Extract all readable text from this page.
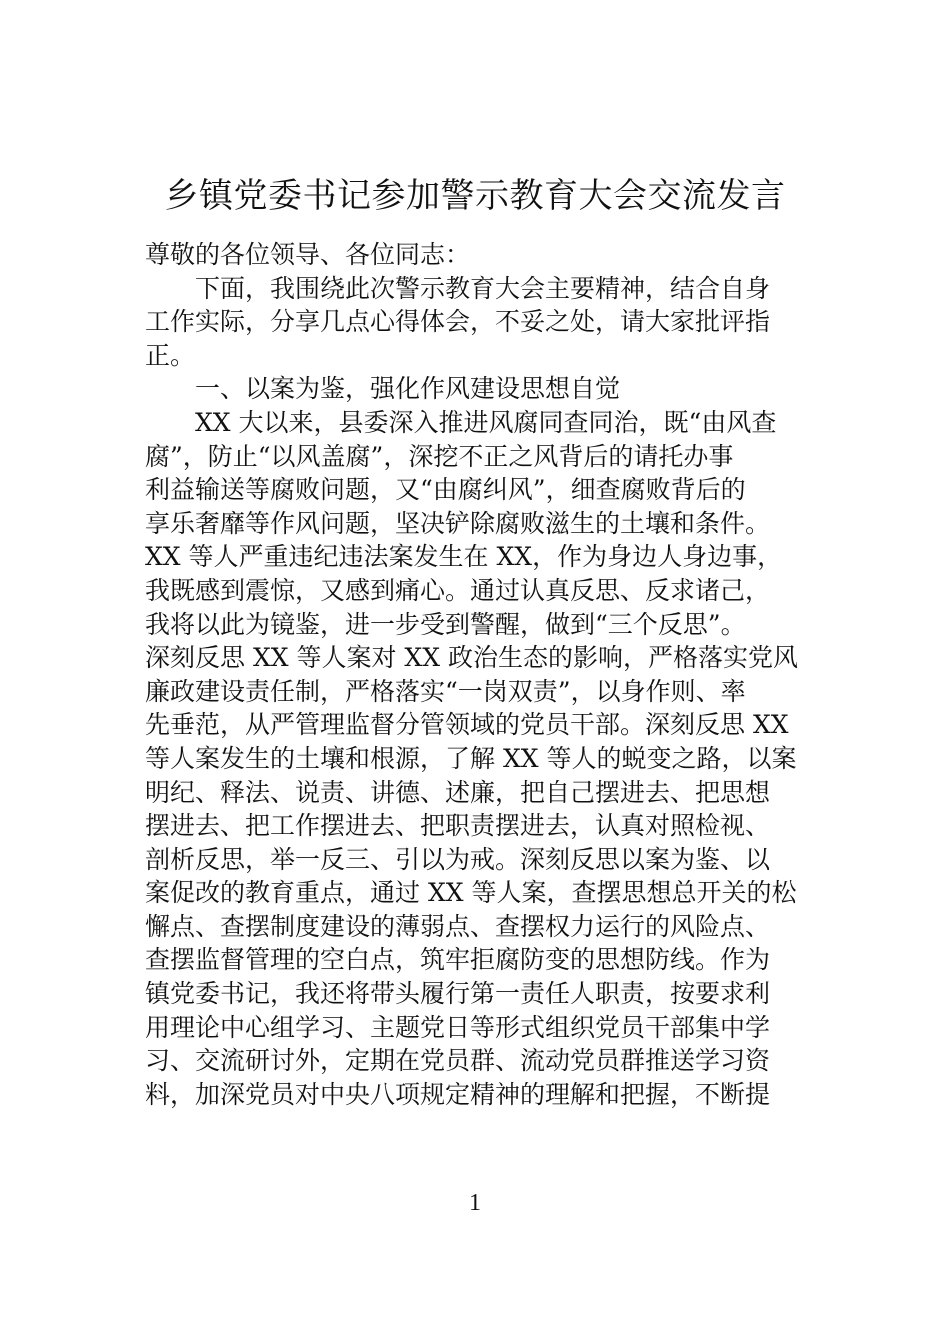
乡镇党委书记参加警示教育大会交流发言
尊敬的各位领导、各位同志：
下面，我围绕此次警示教育大会主要精神，结合自身
工作实际，分享几点心得体会，不妥之处，请大家批评指
正。
一、以案为鉴，强化作风建设思想自觉
XX 大以来，县委深入推进风腐同查同治，既“由风查
腐”，防止“以风盖腐”，深挖不正之风背后的请托办事
利益输送等腐败问题，又“由腐纠风”，细查腐败背后的
享乐奢靡等作风问题，坚决铲除腐败滋生的土壤和条件。
XX 等人严重违纪违法案发生在 XX，作为身边人身边事，
我既感到震惊，又感到痛心。通过认真反思、反求诸己，
我将以此为镜鉴，进一步受到警醒，做到“三个反思”。
深刻反思 XX 等人案对 XX 政治生态的影响，严格落实党风
廉政建设责任制，严格落实“一岗双责”，以身作则、率
先垂范，从严管理监督分管领域的党员干部。深刻反思 XX
等人案发生的土壤和根源，了解 XX 等人的蜕变之路，以案
明纪、释法、说责、讲德、述廉，把自己摆进去、把思想
摆进去、把工作摆进去、把职责摆进去，认真对照检视、
剖析反思，举一反三、引以为戒。深刻反思以案为鉴、以
案促改的教育重点，通过 XX 等人案，查摆思想总开关的松
懈点、查摆制度建设的薄弱点、查摆权力运行的风险点、
查摆监督管理的空白点，筑牢拒腐防变的思想防线。作为
镇党委书记，我还将带头履行第一责任人职责，按要求利
用理论中心组学习、主题党日等形式组织党员干部集中学
习、交流研讨外，定期在党员群、流动党员群推送学习资
料，加深党员对中央八项规定精神的理解和把握，不断提
1
